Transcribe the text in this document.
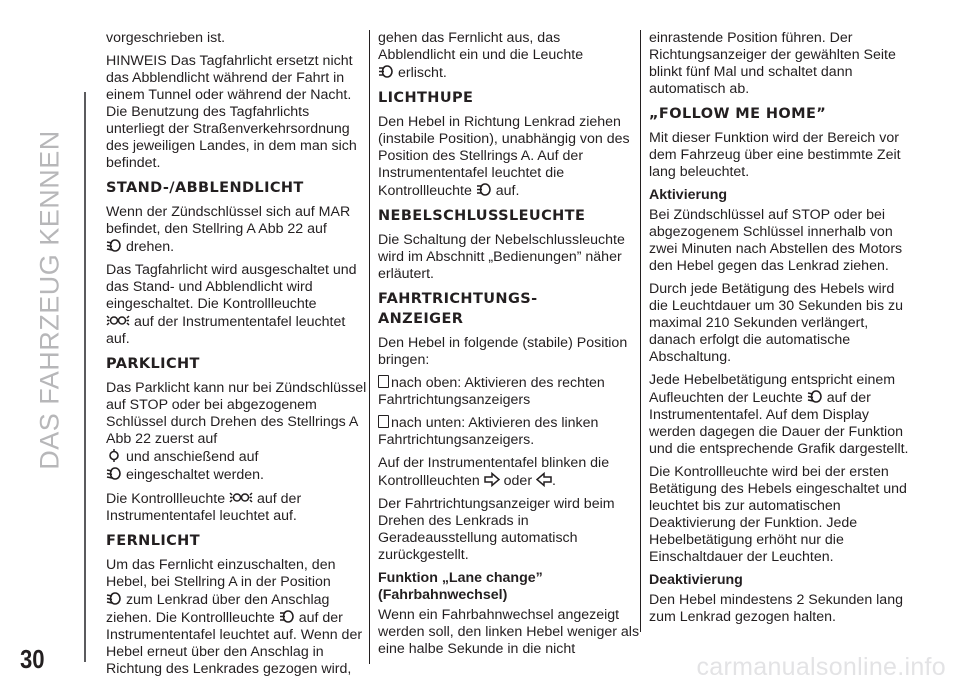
DAS FAHRZEUG KENNEN
30	carmanualsonline.info

vorgeschrieben ist.

HINWEIS Das Tagfahrlicht ersetzt nicht das Abblendlicht während der Fahrt in einem Tunnel oder während der Nacht. Die Benutzung des Tagfahrlichts unterliegt der Straßenverkehrsordnung des jeweiligen Landes, in dem man sich befindet.

STAND-/ABBLENDLICHT

Wenn der Zündschlüssel sich auf MAR befindet, den Stellring A Abb 22 auf
drehen.

Das Tagfahrlicht wird ausgeschaltet und das Stand- und Abblendlicht wird eingeschaltet. Die Kontrollleuchte
auf der Instrumententafel leuchtet auf.

PARKLICHT

Das Parklicht kann nur bei Zündschlüssel auf STOP oder bei abgezogenem Schlüssel durch Drehen des Stellrings A Abb 22 zuerst auf
und anschießend auf
eingeschaltet werden.

Die Kontrollleuchte auf der Instrumententafel leuchtet auf.

FERNLICHT

Um das Fernlicht einzuschalten, den Hebel, bei Stellring A in der Position
zum Lenkrad über den Anschlag ziehen. Die Kontrollleuchte auf der Instrumententafel leuchtet auf. Wenn der Hebel erneut über den Anschlag in Richtung des Lenkrades gezogen wird,

gehen das Fernlicht aus, das Abblendlicht ein und die Leuchte
erlischt.

LICHTHUPE

Den Hebel in Richtung Lenkrad ziehen (instabile Position), unabhängig von des Position des Stellrings A. Auf der Instrumententafel leuchtet die Kontrollleuchte auf.

NEBELSCHLUSSLEUCHTE

Die Schaltung der Nebelschlussleuchte wird im Abschnitt „Bedienungen” näher erläutert.

FAHRTRICHTUNGS-
ANZEIGER

Den Hebel in folgende (stabile) Position bringen:

nach oben: Aktivieren des rechten Fahrtrichtungsanzeigers

nach unten: Aktivieren des linken Fahrtrichtungsanzeigers.

Auf der Instrumententafel blinken die Kontrollleuchten oder .

Der Fahrtrichtungsanzeiger wird beim Drehen des Lenkrads in Geradeausstellung automatisch zurückgestellt.

Funktion „Lane change” (Fahrbahnwechsel)

Wenn ein Fahrbahnwechsel angezeigt werden soll, den linken Hebel weniger als eine halbe Sekunde in die nicht

einrastende Position führen. Der Richtungsanzeiger der gewählten Seite blinkt fünf Mal und schaltet dann automatisch ab.

„FOLLOW ME HOME”

Mit dieser Funktion wird der Bereich vor dem Fahrzeug über eine bestimmte Zeit lang beleuchtet.

Aktivierung

Bei Zündschlüssel auf STOP oder bei abgezogenem Schlüssel innerhalb von zwei Minuten nach Abstellen des Motors den Hebel gegen das Lenkrad ziehen.

Durch jede Betätigung des Hebels wird die Leuchtdauer um 30 Sekunden bis zu maximal 210 Sekunden verlängert, danach erfolgt die automatische Abschaltung.

Jede Hebelbetätigung entspricht einem Aufleuchten der Leuchte auf der Instrumententafel. Auf dem Display werden dagegen die Dauer der Funktion und die entsprechende Grafik dargestellt.

Die Kontrollleuchte wird bei der ersten Betätigung des Hebels eingeschaltet und leuchtet bis zur automatischen Deaktivierung der Funktion. Jede Hebelbetätigung erhöht nur die Einschaltdauer der Leuchten.

Deaktivierung

Den Hebel mindestens 2 Sekunden lang zum Lenkrad gezogen halten.
